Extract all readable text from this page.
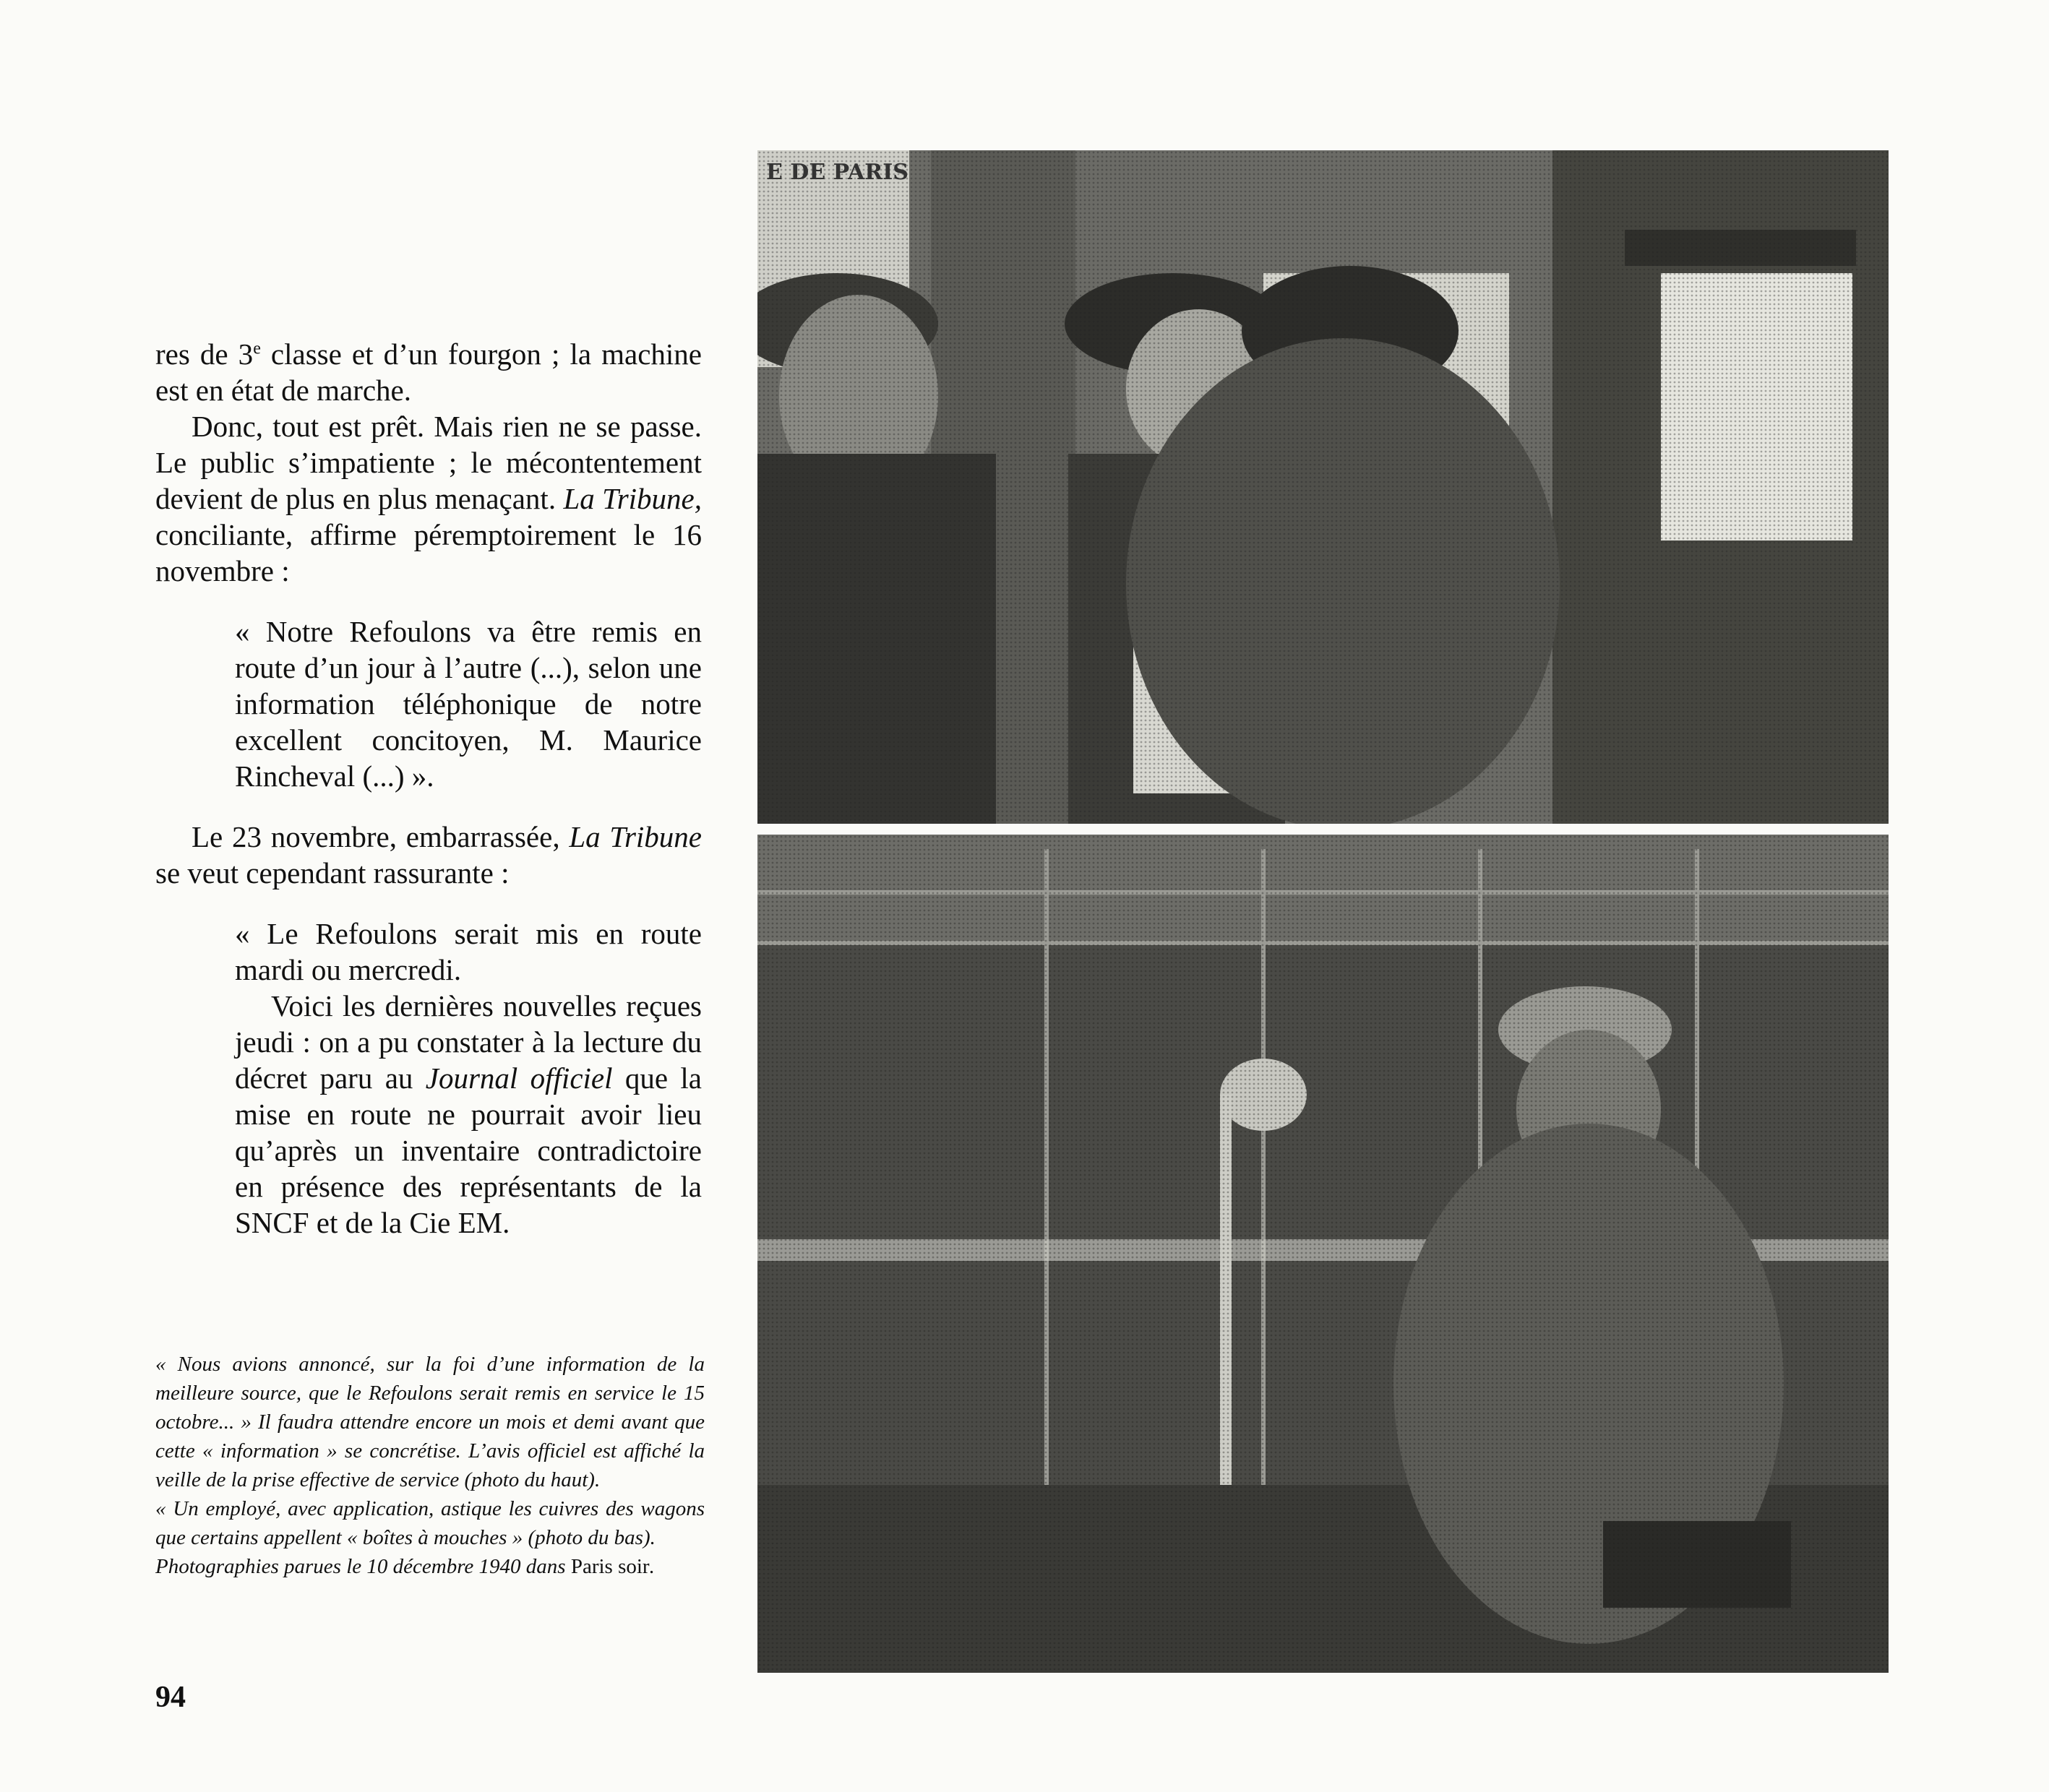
res de 3e classe et d’un fourgon ; la machine est en état de marche.

Donc, tout est prêt. Mais rien ne se passe. Le public s’impatiente ; le mécontentement devient de plus en plus menaçant. La Tribune, conciliante, affirme péremptoirement le 16 novembre :

« Notre Refoulons va être remis en route d’un jour à l’autre (...), selon une information téléphonique de notre excellent concitoyen, M. Maurice Rincheval (...) ».

Le 23 novembre, embarrassée, La Tribune se veut cependant rassurante :

« Le Refoulons serait mis en route mardi ou mercredi.

Voici les dernières nouvelles reçues jeudi : on a pu constater à la lecture du décret paru au Journal officiel que la mise en route ne pourrait avoir lieu qu’après un inventaire contradictoire en présence des représentants de la SNCF et de la Cie EM.

« Nous avions annoncé, sur la foi d’une information de la meilleure source, que le Refoulons serait remis en service le 15 octobre... » Il faudra attendre encore un mois et demi avant que cette « information » se concrétise. L’avis officiel est affiché la veille de la prise effective de service (photo du haut).

« Un employé, avec application, astique les cuivres des wagons que certains appellent « boîtes à mouches » (photo du bas).

Photographies parues le 10 décembre 1940 dans Paris soir.

94
E DE PARIS
